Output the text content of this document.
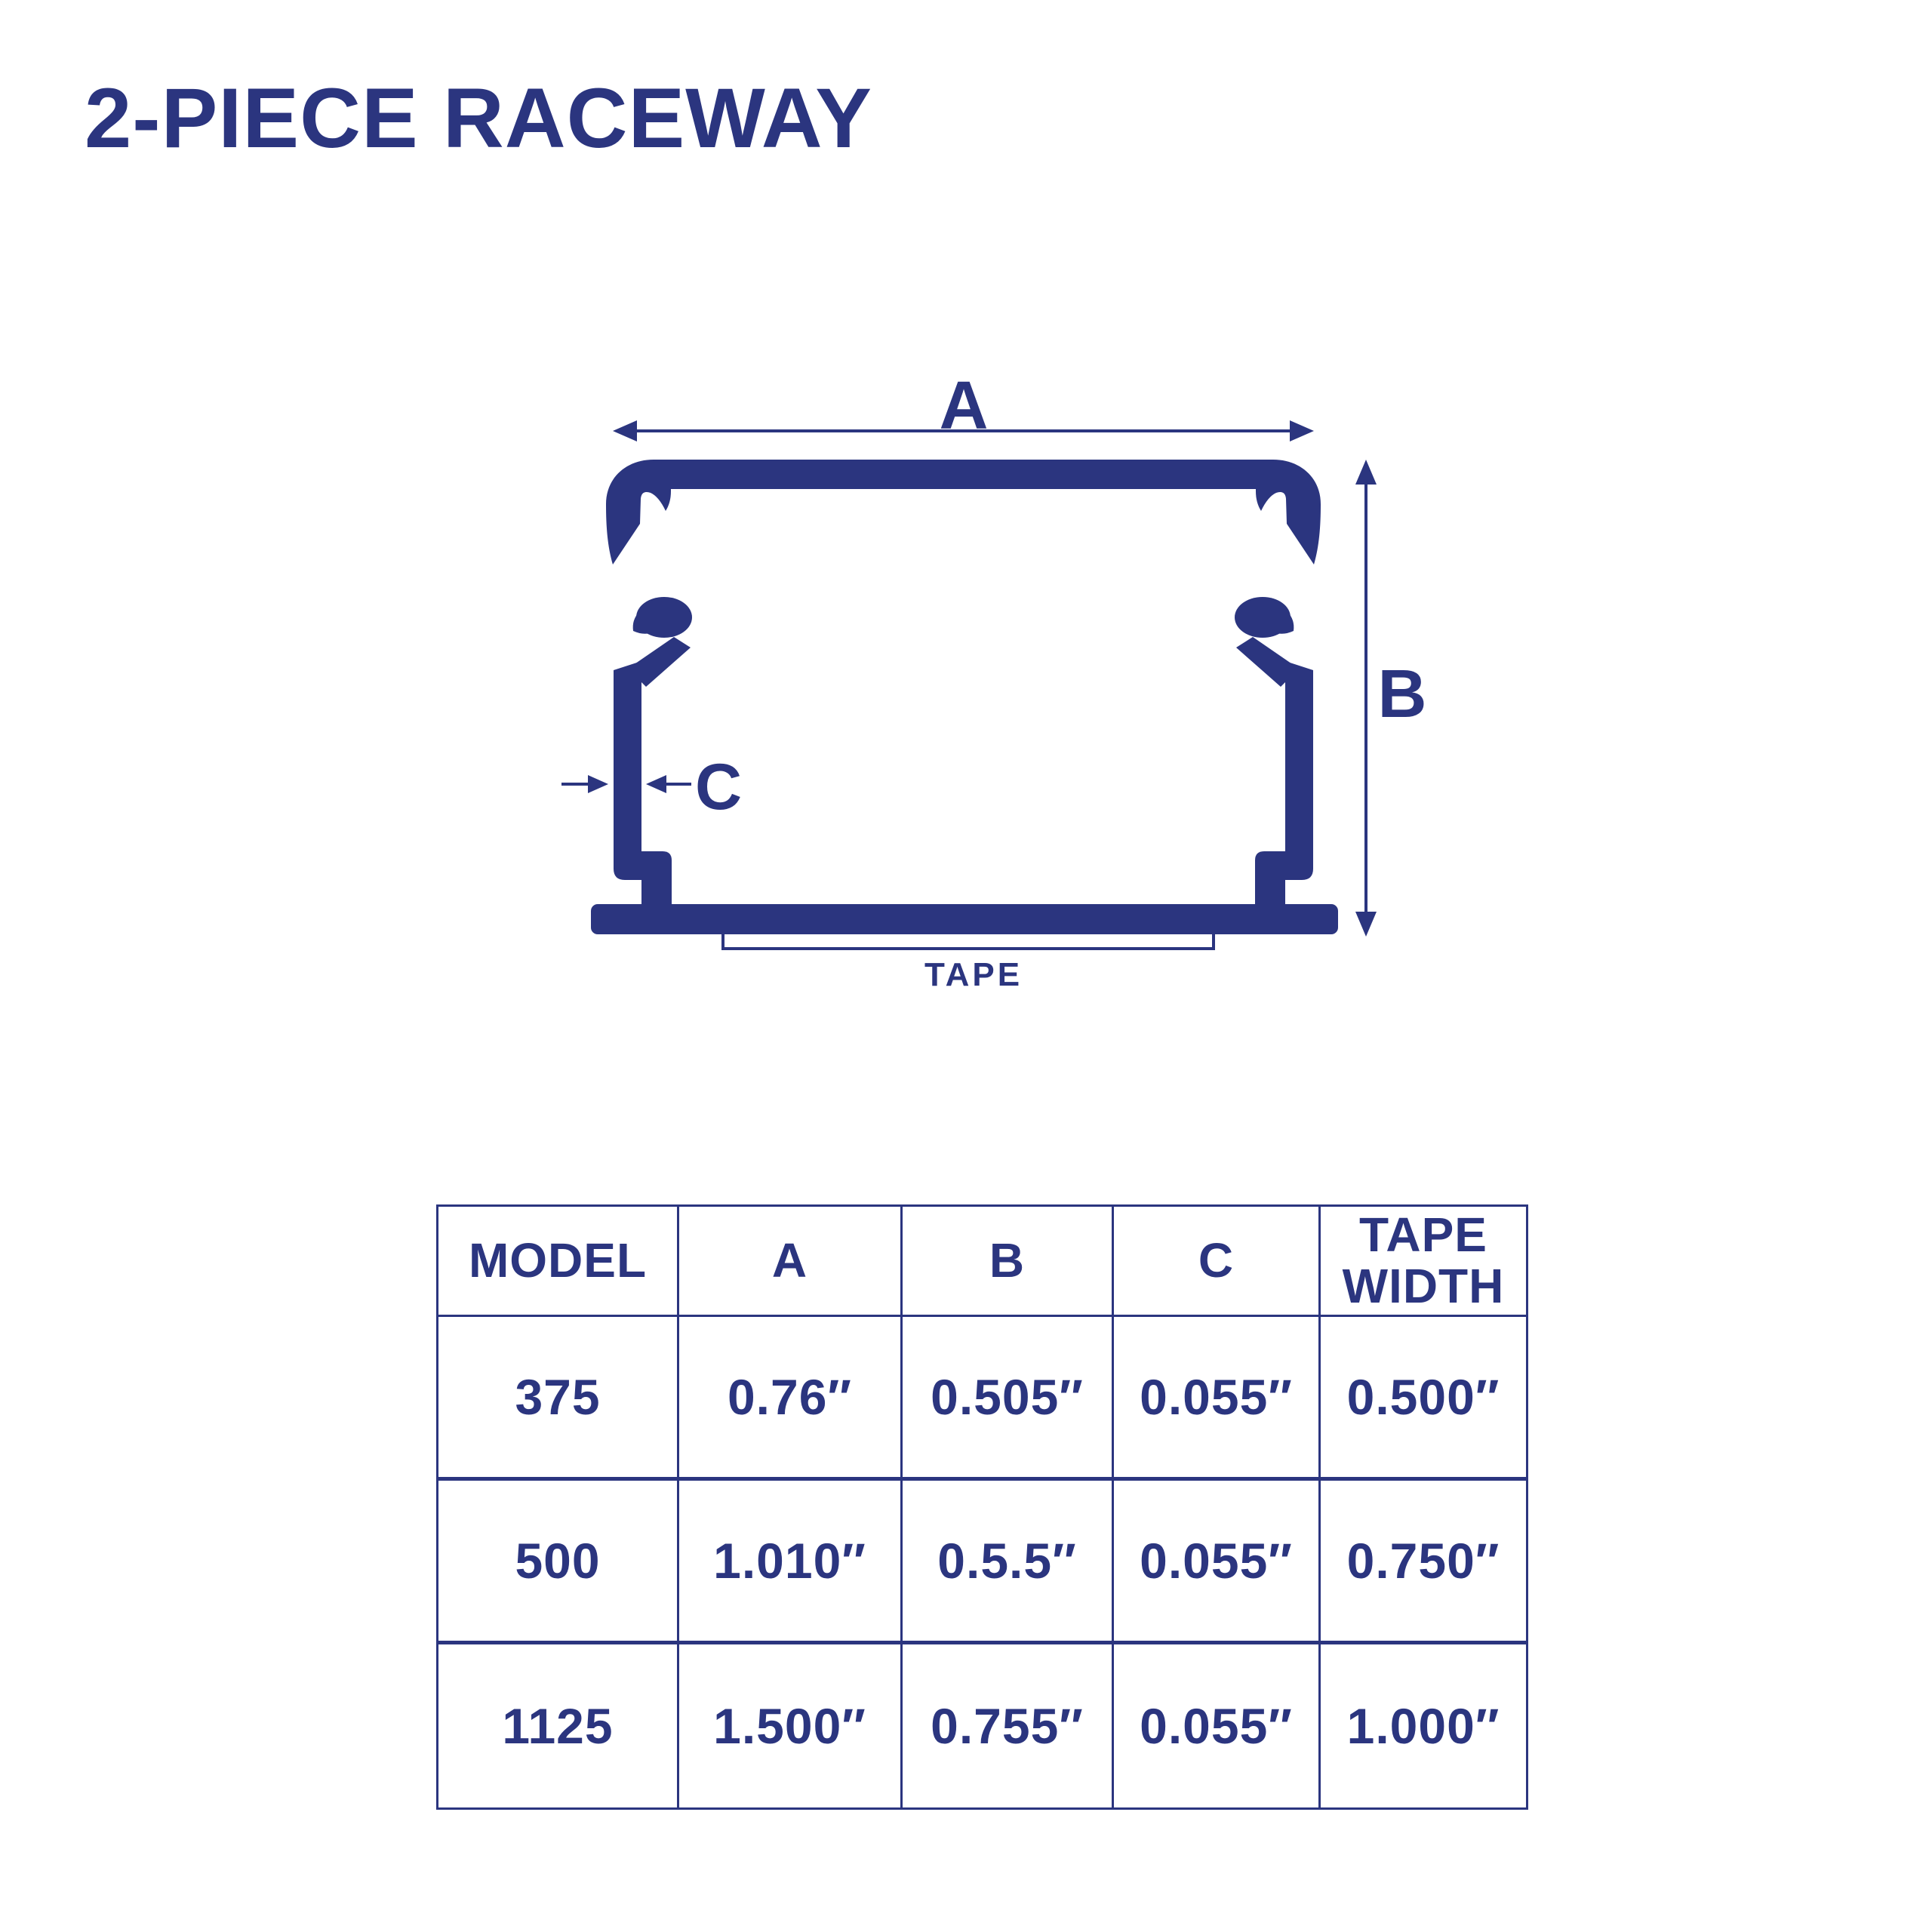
2-PIECE RACEWAY
A
B
C
TAPE
MODEL	A	B	C	TAPE WIDTH
375	0.76″	0.505″	0.055″	0.500″
500	1.010″	0.5.5″	0.055″	0.750″
1125	1.500″	0.755″	0.055″	1.000″
